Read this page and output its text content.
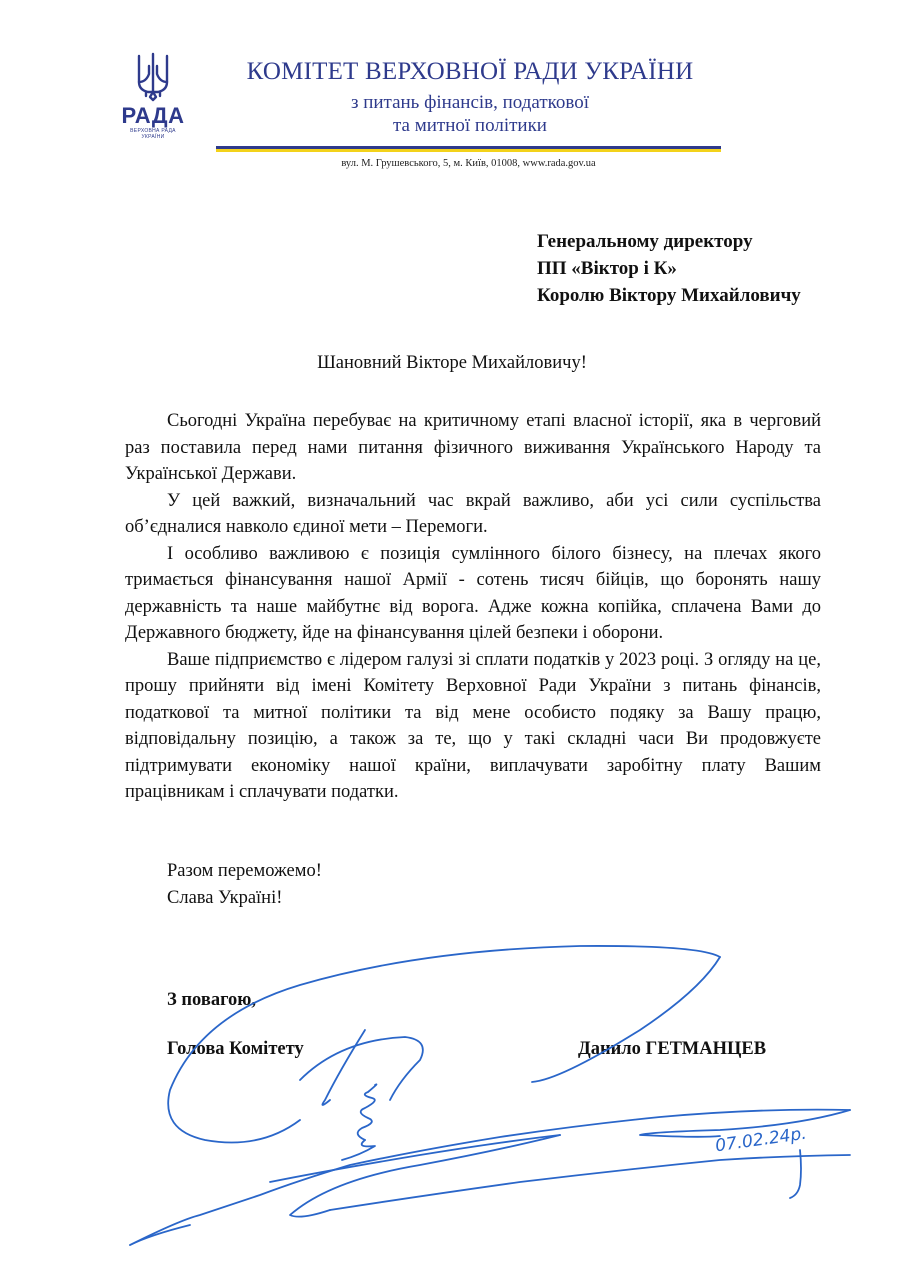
РАДА
ВЕРХОВНА РАДА
УКРАЇНИ
КОМІТЕТ ВЕРХОВНОЇ РАДИ УКРАЇНИ
з питань фінансів, податкової
та митної політики
вул. М. Грушевського, 5, м. Київ, 01008, www.rada.gov.ua
Генеральному директору
ПП «Віктор і К»
Королю Віктору Михайловичу
Шановний Вікторе Михайловичу!

Сьогодні Україна перебуває на критичному етапі власної історії, яка в черговий раз поставила перед нами питання фізичного виживання Українського Народу та Української Держави.

У цей важкий, визначальний час вкрай важливо, аби усі сили суспільства об’єдналися навколо єдиної мети – Перемоги.

І особливо важливою є позиція сумлінного білого бізнесу, на плечах якого тримається фінансування нашої Армії - сотень тисяч бійців, що боронять нашу державність та наше майбутнє від ворога. Адже кожна копійка, сплачена Вами до Державного бюджету, йде на фінансування цілей безпеки і оборони.

Ваше підприємство є лідером галузі зі сплати податків у 2023 році. З огляду на це, прошу прийняти від імені Комітету Верховної Ради України з питань фінансів, податкової та митної політики та від мене особисто подяку за Вашу працю, відповідальну позицію, а також за те, що у такі складні часи Ви продовжуєте підтримувати економіку нашої країни, виплачувати заробітну плату Вашим працівникам і сплачувати податки.

Разом переможемо!
Слава Україні!
З повагою,
Голова Комітету	Данило ГЕТМАНЦЕВ
07.02.24р.
